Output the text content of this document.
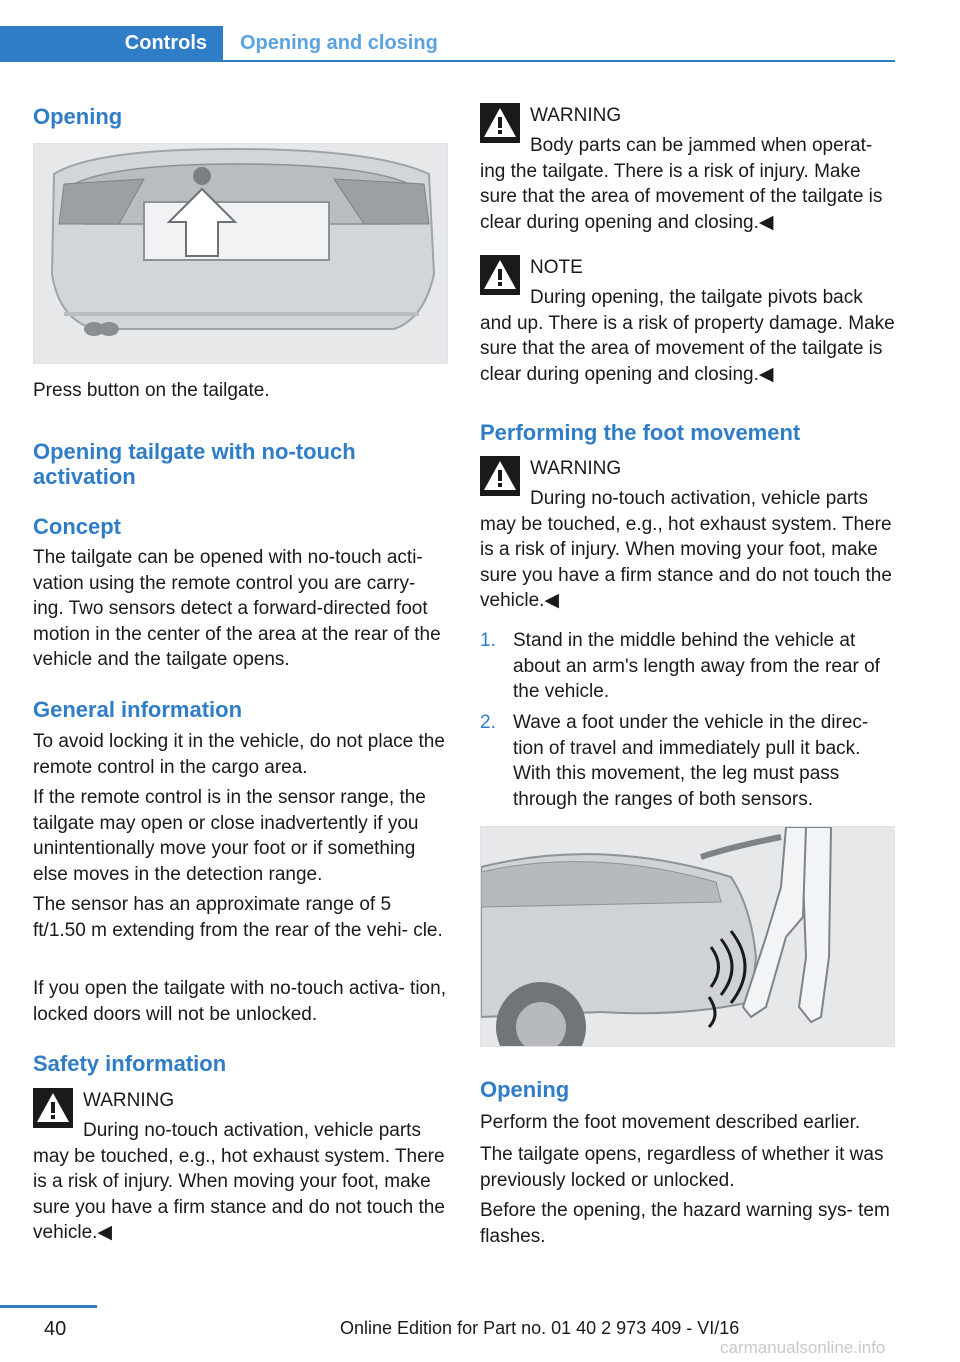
Controls	Opening and closing
Opening

Press button on the tailgate.

Opening tailgate with no-touch activation
Concept

The tailgate can be opened with no-touch acti‐ vation using the remote control you are carry‐ ing. Two sensors detect a forward-directed foot motion in the center of the area at the rear of the vehicle and the tailgate opens.

General information

To avoid locking it in the vehicle, do not place the remote control in the cargo area.

If the remote control is in the sensor range, the tailgate may open or close inadvertently if you unintentionally move your foot or if something else moves in the detection range.

The sensor has an approximate range of 5 ft/1.50 m extending from the rear of the vehi‐ cle.

If you open the tailgate with no-touch activa‐ tion, locked doors will not be unlocked.

Safety information
WARNING
During no-touch activation, vehicle parts may be touched, e.g., hot exhaust system. There is a risk of injury. When moving your foot, make sure you have a firm stance and do not touch the vehicle.◀
WARNING
Body parts can be jammed when operat‐ ing the tailgate. There is a risk of injury. Make sure that the area of movement of the tailgate is clear during opening and closing.◀
NOTE
During opening, the tailgate pivots back and up. There is a risk of property damage. Make sure that the area of movement of the tailgate is clear during opening and closing.◀
Performing the foot movement
WARNING
During no-touch activation, vehicle parts may be touched, e.g., hot exhaust system. There is a risk of injury. When moving your foot, make sure you have a firm stance and do not touch the vehicle.◀
1. Stand in the middle behind the vehicle at about an arm's length away from the rear of the vehicle.
2. Wave a foot under the vehicle in the direc‐ tion of travel and immediately pull it back. With this movement, the leg must pass through the ranges of both sensors.
Opening

Perform the foot movement described earlier.

The tailgate opens, regardless of whether it was previously locked or unlocked.

Before the opening, the hazard warning sys‐ tem flashes.

40	Online Edition for Part no. 01 40 2 973 409 - VI/16
carmanualsonline.info
